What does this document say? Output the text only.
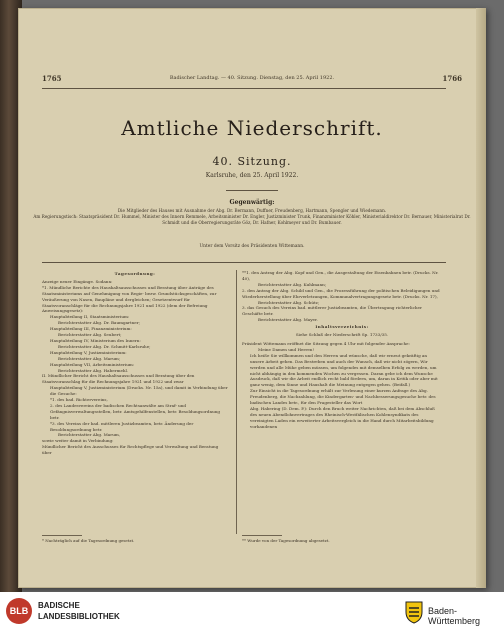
1765	Badischer Landtag. — 40. Sitzung. Dienstag, den 25. April 1922.	1766
Amtliche Niederschrift.
40. Sitzung.
Karlsruhe, den 25. April 1922.
Gegenwärtig:
Die Mitglieder des Hauses mit Ausnahme der Abg. Dr. Bermann, Duffner, Freudenberg, Hartmann, Spengler und Wiedemann.
Am Regierungstisch: Staatspräsident Dr. Hummel, Minister des Innern Remmele, Arbeitsminister Dr. Engler, Justizminister Trunk, Finanzminister Köhler, Ministerialdirektor Dr. Bernauer, Ministerialrat Dr. Schmidt und die Oberregierungsräte Göz, Dr. Hafner, Kohlmeyer und Dr. Bumbauer.
Unter dem Vorsitz des Präsidenten Wittemann.

Tagesordnung:

Anzeige neuer Eingänge. Sodann:

*1. Mündliche Berichte des Haushaltsausschusses und Beratung über Anträge des Staatsministeriums auf Genehmigung von Regie- bezw. Grundstücksgeschäften, zur Veräußerung von Nasen, Baupläne und dergleichen; Gesetzentwurf für Staatsvoranschläge für die Rechnungsjahre 1921 und 1922 (dem der Befreiung Anweisungsgesetz):

Hauptabteilung II, Staatsministerium:

Berichterstatter Abg. Dr. Baumgartner;

Hauptabteilung III, Finanzministerium:

Berichterstatter Abg. Seubert;

Hauptabteilung IV, Ministerium des Innern:

Berichterstatter Abg. Dr. Schmitt-Karlsruhe;

Hauptabteilung V, Justizministerium:

Berichterstatter Abg. Marum;

Hauptabteilung VII, Arbeitsministerium:

Berichterstatter Abg. Habermehl.

II. Mündlicher Bericht des Haushaltsausschusses und Beratung über den Staatsvoranschlag für die Rechnungsjahre 1921 und 1922 und zwar

Hauptabteilung V, Justizministerium (Drucks. Nr. 15a), und damit in Verbindung über die Gesuche:

*1. des bad. Richtervereins,

2. des Landesvereins der badischen Rechtsanwälte am Straf- und Gefängnisverwaltungsstellen, betr. Amtsgehilfenstellen, betr. Besoldungsordnung betr.

*3. des Vereins der bad. mittleren Justizbeamten, betr. Änderung der Besoldungsordnung betr.

Berichterstatter Abg. Marum,

sowie weiter damit in Verbindung:

Mündlicher Bericht des Ausschusses für Rechtspflege und Verwaltung und Beratung über

**1. den Antrag der Abg. Kopf und Gen., die Ausgestaltung der Eisenbahnen betr. (Drucks. Nr. 40),

Berichterstatter Abg. Kuhlmann;

2. den Antrag der Abg. Schild und Gen., die Prozessführung der politischen Beleidigungen und Wiederherstellung über Ehrverletzungen, Kommunalvertragungsgesetz betr. (Drucks. Nr. 17),

Berichterstatter Abg. Schütz;

3. das Gesuch des Vereins bad. mittlerer Justizbeamten, die Übertragung richterlicher Geschäfte betr.

Berichterstatter Abg. Mayer.

Inhaltsverzeichnis:

Siehe Schluß der Niederschrift Sp. 1733/35.

Präsident Wittemann eröffnet die Sitzung gegen 4 Uhr mit folgender Ansprache:

Meine Damen und Herren!

Ich heiße Sie willkommen und den Herren und wünsche, daß wir erneut gekräftig an unsere Arbeit gehen. Das Bestreben und auch der Wunsch, daß wir nicht zögern, Wir werden und alle Mühe geben müssen, um folgendes mit demselben Erfolg zu werden, um nicht abhängig in den kommenden Wochen zu vergessen. Daran gebe ich dem Wunsche Ausdruck, daß wir die Arbeit endlich recht bald fördern, um, daran in Kritik oder aber mit ganz wenig, dem Sinne und Haushalt die Meinung entgegen gehen. (Beifall.)

Zur Einsicht in die Tagesordnung erhält zur Verlesung einer kurzen Anfrage des Abg. Freudenberg, die Nachzahlung, die Kindergarten- und Nachbesserungsgesuche betr. des badischen Landes betr., für den Fragesteller das Wort

Abg. Habering (D. Dem. P.): Durch den Bruch weiter Nachrichten, daß bei dem Abschluß des neuen Abendlohnvertrages des Rheinisch-Westfälischen Kohlensyndikats des vereinigten Laden ein erweiterter Arbeitsvergleich in die Hand durch Mitarbeitsbildung vorhandenen

* Nachträglich auf die Tagesordnung gesetzt.	** Wurde von der Tagesordnung abgesetzt.
BLB
BADISCHE
LANDESBIBLIOTHEK
Baden-Württemberg
